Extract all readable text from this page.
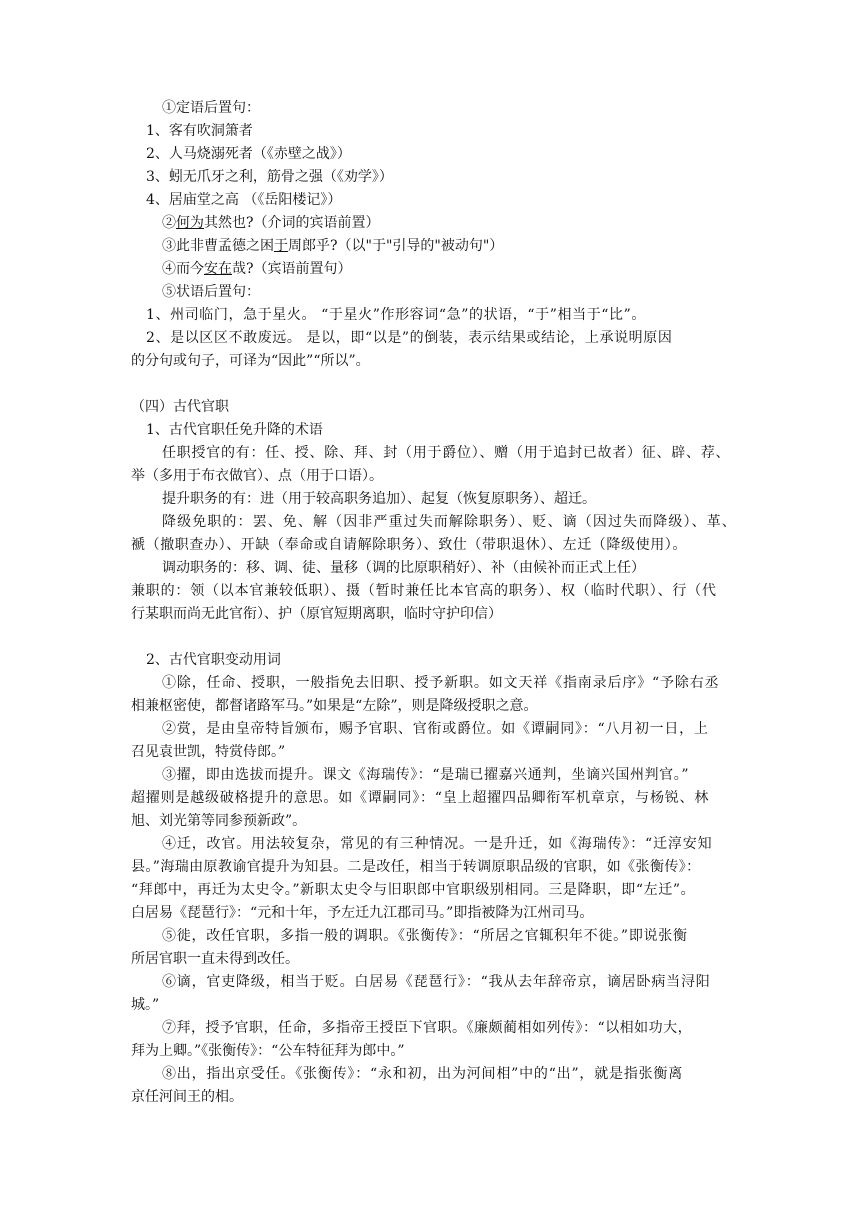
①定语后置句：
1、客有吹洞箫者
2、人马烧溺死者（《赤壁之战》）
3、蚓无爪牙之利，筋骨之强（《劝学》）
4、居庙堂之高 （《岳阳楼记》）
②何为其然也?（介词的宾语前置）
③此非曹孟德之困于周郎乎?（以"于"引导的"被动句"）
④而今安在哉?（宾语前置句）
⑤状语后置句：
1、州司临门，急于星火。 “于星火”作形容词“急”的状语，“于”相当于“比”。
2、是以区区不敢废远。 是以，即“以是”的倒装，表示结果或结论，上承说明原因
的分句或句子，可译为“因此”“所以”。
（四）古代官职
1、古代官职任免升降的术语
任职授官的有：任、授、除、拜、封（用于爵位）、赠（用于追封已故者）征、辟、荐、
举（多用于布衣做官）、点（用于口语）。
提升职务的有：进（用于较高职务追加）、起复（恢复原职务）、超迁。
降级免职的：罢、免、解（因非严重过失而解除职务）、贬、谪（因过失而降级）、革、
褫（撤职查办）、开缺（奉命或自请解除职务）、致仕（带职退休）、左迁（降级使用）。
调动职务的：移、调、徒、量移（调的比原职稍好）、补（由候补而正式上任）
兼职的：领（以本官兼较低职）、摄（暂时兼任比本官高的职务）、权（临时代职）、行（代
行某职而尚无此官衔）、护（原官短期离职，临时守护印信）
2、古代官职变动用词
①除，任命、授职，一般指免去旧职、授予新职。如文天祥《指南录后序》“予除右丞
相兼枢密使，都督诸路军马。”如果是“左除”，则是降级授职之意。
②赏，是由皇帝特旨颁布，赐予官职、官衔或爵位。如《谭嗣同》：“八月初一日，上
召见袁世凯，特赏侍郎。”
③擢，即由选拔而提升。课文《海瑞传》：“是瑞已擢嘉兴通判，坐谪兴国州判官。”
超擢则是越级破格提升的意思。如《谭嗣同》：“皇上超擢四品卿衔军机章京，与杨锐、林
旭、刘光第等同参预新政”。
④迁，改官。用法较复杂，常见的有三种情况。一是升迁，如《海瑞传》：“迁淳安知
县。”海瑞由原教谕官提升为知县。二是改任，相当于转调原职品级的官职，如《张衡传》：
“拜郎中，再迁为太史令。”新职太史令与旧职郎中官职级别相同。三是降职，即“左迁”。
白居易《琵琶行》：“元和十年，予左迁九江郡司马。”即指被降为江州司马。
⑤徙，改任官职，多指一般的调职。《张衡传》：“所居之官辄积年不徙。”即说张衡
所居官职一直未得到改任。
⑥谪，官吏降级，相当于贬。白居易《琵琶行》：“我从去年辞帝京，谪居卧病当浔阳
城。”
⑦拜，授予官职，任命，多指帝王授臣下官职。《廉颇蔺相如列传》：“以相如功大，
拜为上卿。”《张衡传》：“公车特征拜为郎中。”
⑧出，指出京受任。《张衡传》：“永和初，出为河间相”中的“出”，就是指张衡离
京任河间王的相。
